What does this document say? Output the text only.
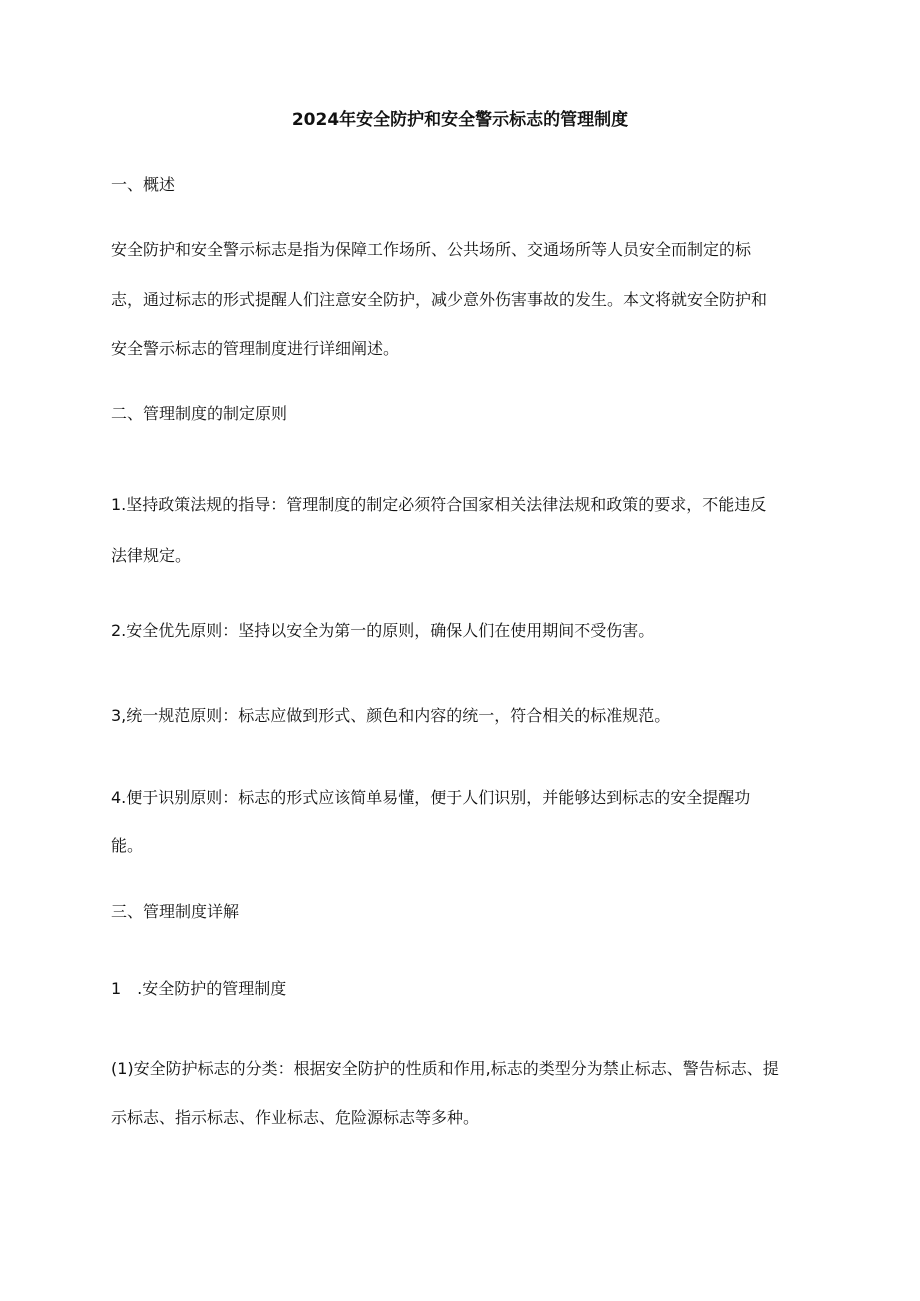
2024年安全防护和安全警示标志的管理制度
一、概述
安全防护和安全警示标志是指为保障工作场所、公共场所、交通场所等人员安全而制定的标
志，通过标志的形式提醒人们注意安全防护，减少意外伤害事故的发生。本文将就安全防护和
安全警示标志的管理制度进行详细阐述。
二、管理制度的制定原则
1.坚持政策法规的指导：管理制度的制定必须符合国家相关法律法规和政策的要求，不能违反
法律规定。
2.安全优先原则：坚持以安全为第一的原则，确保人们在使用期间不受伤害。
3,统一规范原则：标志应做到形式、颜色和内容的统一，符合相关的标准规范。
4.便于识别原则：标志的形式应该简单易懂，便于人们识别，并能够达到标志的安全提醒功
能。
三、管理制度详解
1　.安全防护的管理制度
(1)安全防护标志的分类：根据安全防护的性质和作用,标志的类型分为禁止标志、警告标志、提
示标志、指示标志、作业标志、危险源标志等多种。
